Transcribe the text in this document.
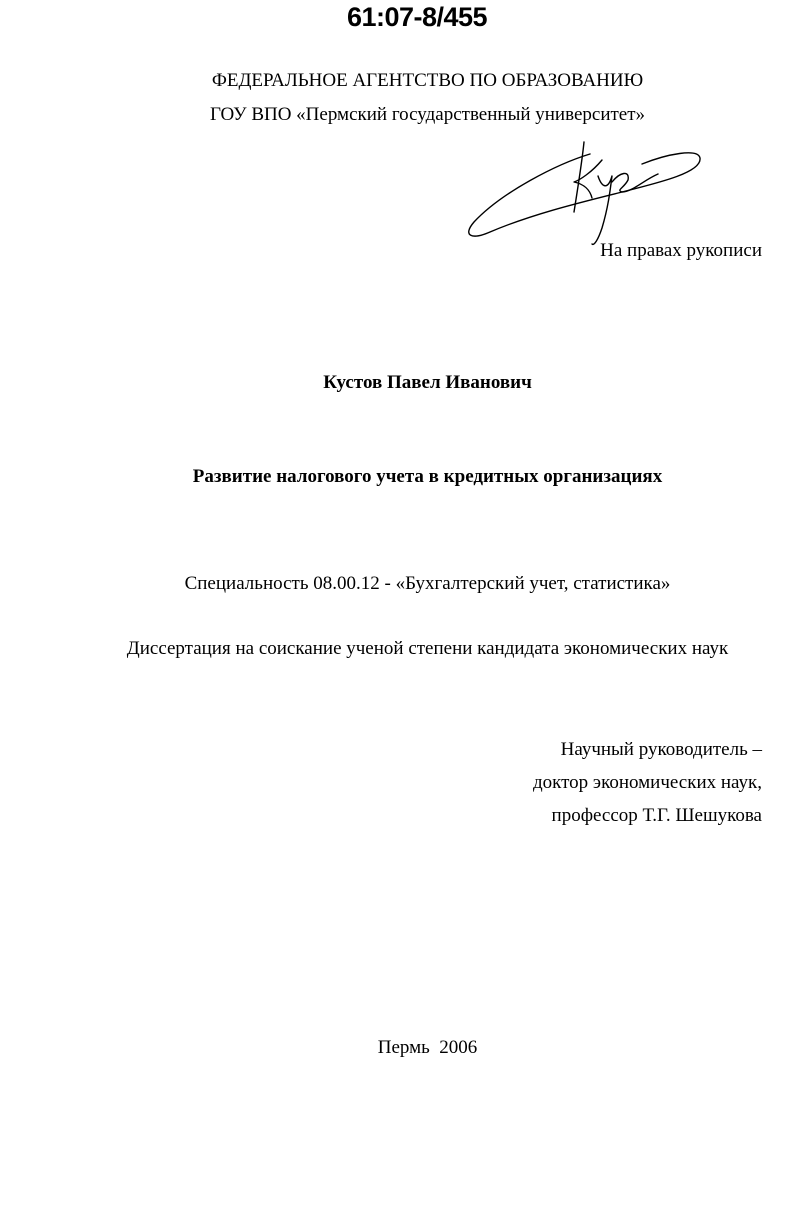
61:07-8/455
ФЕДЕРАЛЬНОЕ АГЕНТСТВО ПО ОБРАЗОВАНИЮ
ГОУ ВПО «Пермский государственный университет»
На правах рукописи
Кустов Павел Иванович
Развитие налогового учета в кредитных организациях
Специальность 08.00.12 - «Бухгалтерский учет, статистика»
Диссертация на соискание ученой степени кандидата экономических наук
Научный руководитель –
доктор экономических наук,
профессор Т.Г. Шешукова
Пермь  2006
